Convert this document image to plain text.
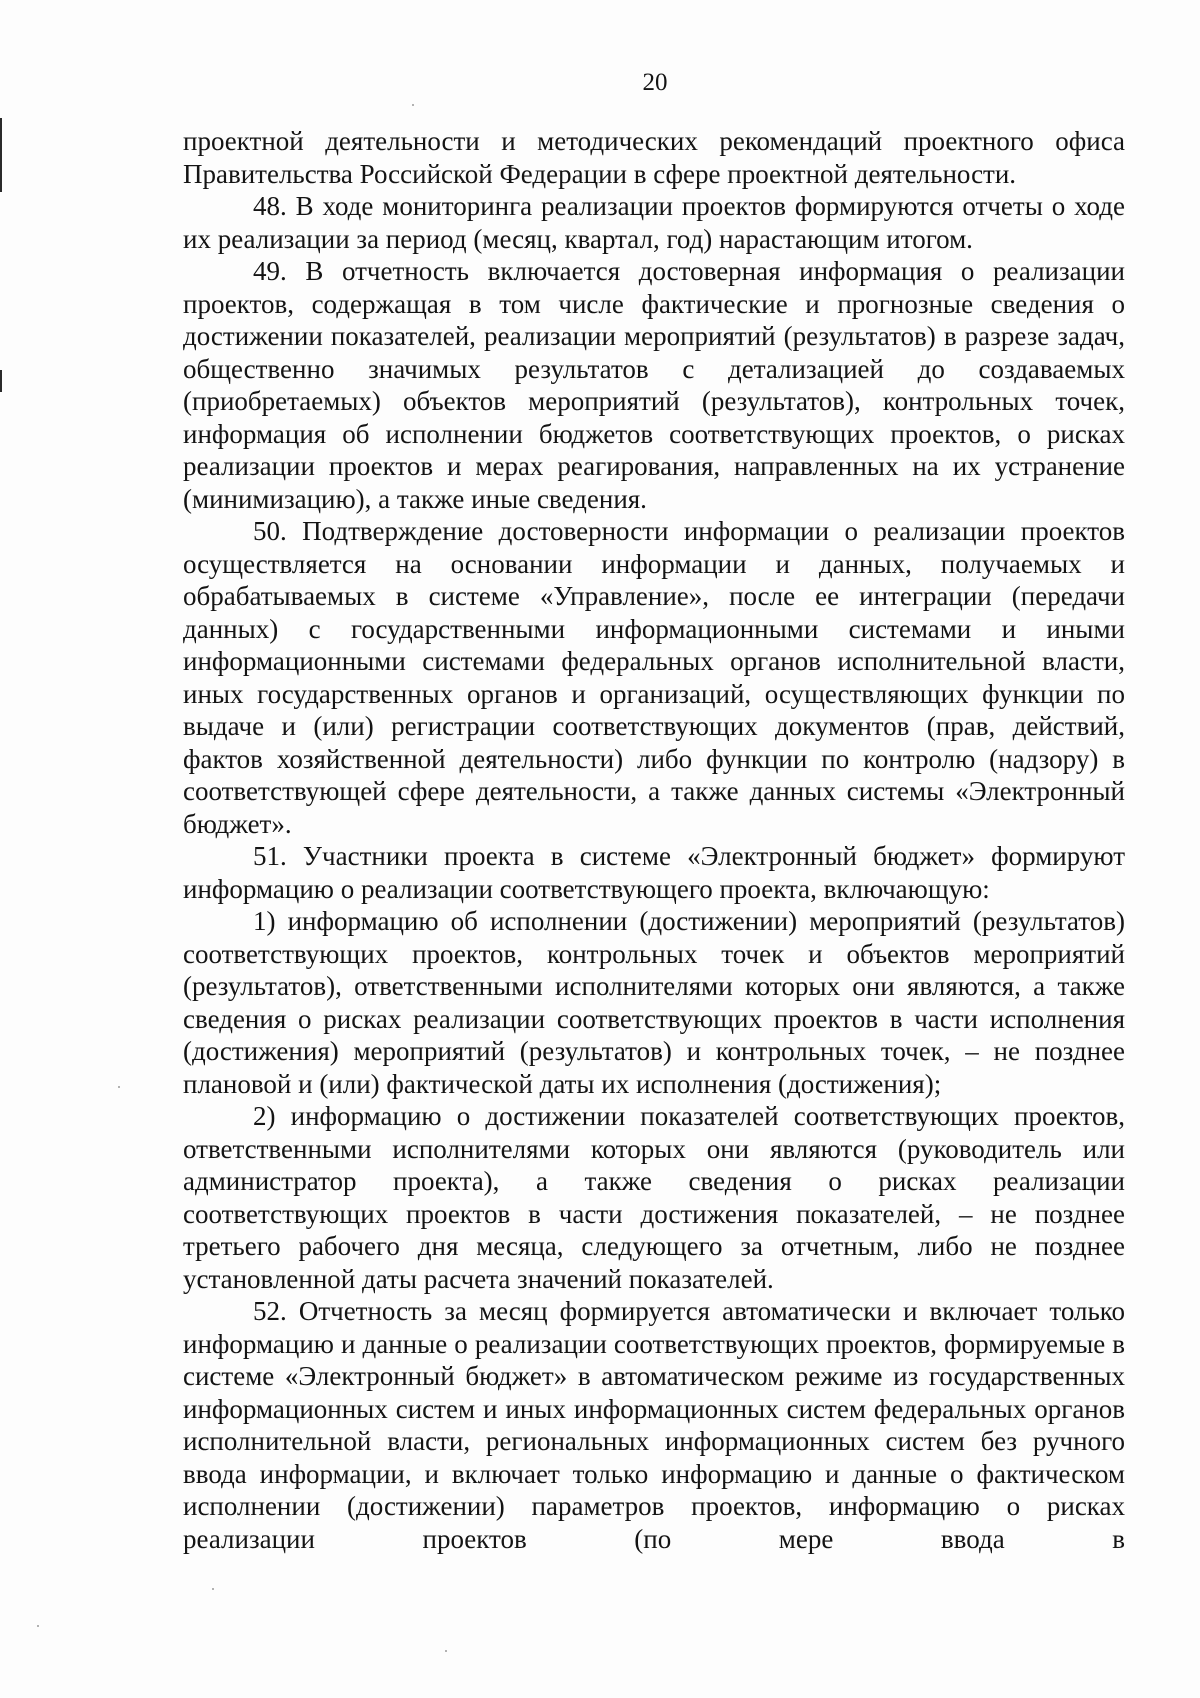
20

проектной деятельности и методических рекомендаций проектного офиса Правительства Российской Федерации в сфере проектной деятельности.

48. В ходе мониторинга реализации проектов формируются отчеты о ходе их реализации за период (месяц, квартал, год) нарастающим итогом.

49. В отчетность включается достоверная информация о реализации проектов, содержащая в том числе фактические и прогнозные сведения о достижении показателей, реализации мероприятий (результатов) в разрезе задач, общественно значимых результатов с детализацией до создаваемых (приобретаемых) объектов мероприятий (результатов), контрольных точек, информация об исполнении бюджетов соответствующих проектов, о рисках реализации проектов и мерах реагирования, направленных на их устранение (минимизацию), а также иные сведения.

50. Подтверждение достоверности информации о реализации проектов осуществляется на основании информации и данных, получаемых и обрабатываемых в системе «Управление», после ее интеграции (передачи данных) с государственными информационными системами и иными информационными системами федеральных органов исполнительной власти, иных государственных органов и организаций, осуществляющих функции по выдаче и (или) регистрации соответствующих документов (прав, действий, фактов хозяйственной деятельности) либо функции по контролю (надзору) в соответствующей сфере деятельности, а также данных системы «Электронный бюджет».

51. Участники проекта в системе «Электронный бюджет» формируют информацию о реализации соответствующего проекта, включающую:

1) информацию об исполнении (достижении) мероприятий (результатов) соответствующих проектов, контрольных точек и объектов мероприятий (результатов), ответственными исполнителями которых они являются, а также сведения о рисках реализации соответствующих проектов в части исполнения (достижения) мероприятий (результатов) и контрольных точек, – не позднее плановой и (или) фактической даты их исполнения (достижения);

2) информацию о достижении показателей соответствующих проектов, ответственными исполнителями которых они являются (руководитель или администратор проекта), а также сведения о рисках реализации соответствующих проектов в части достижения показателей, – не позднее третьего рабочего дня месяца, следующего за отчетным, либо не позднее установленной даты расчета значений показателей.

52. Отчетность за месяц формируется автоматически и включает только информацию и данные о реализации соответствующих проектов, формируемые в системе «Электронный бюджет» в автоматическом режиме из государственных информационных систем и иных информационных систем федеральных органов исполнительной власти, региональных информационных систем без ручного ввода информации, и включает только информацию и данные о фактическом исполнении (достижении) параметров проектов, информацию о рисках реализации проектов (по мере ввода в
